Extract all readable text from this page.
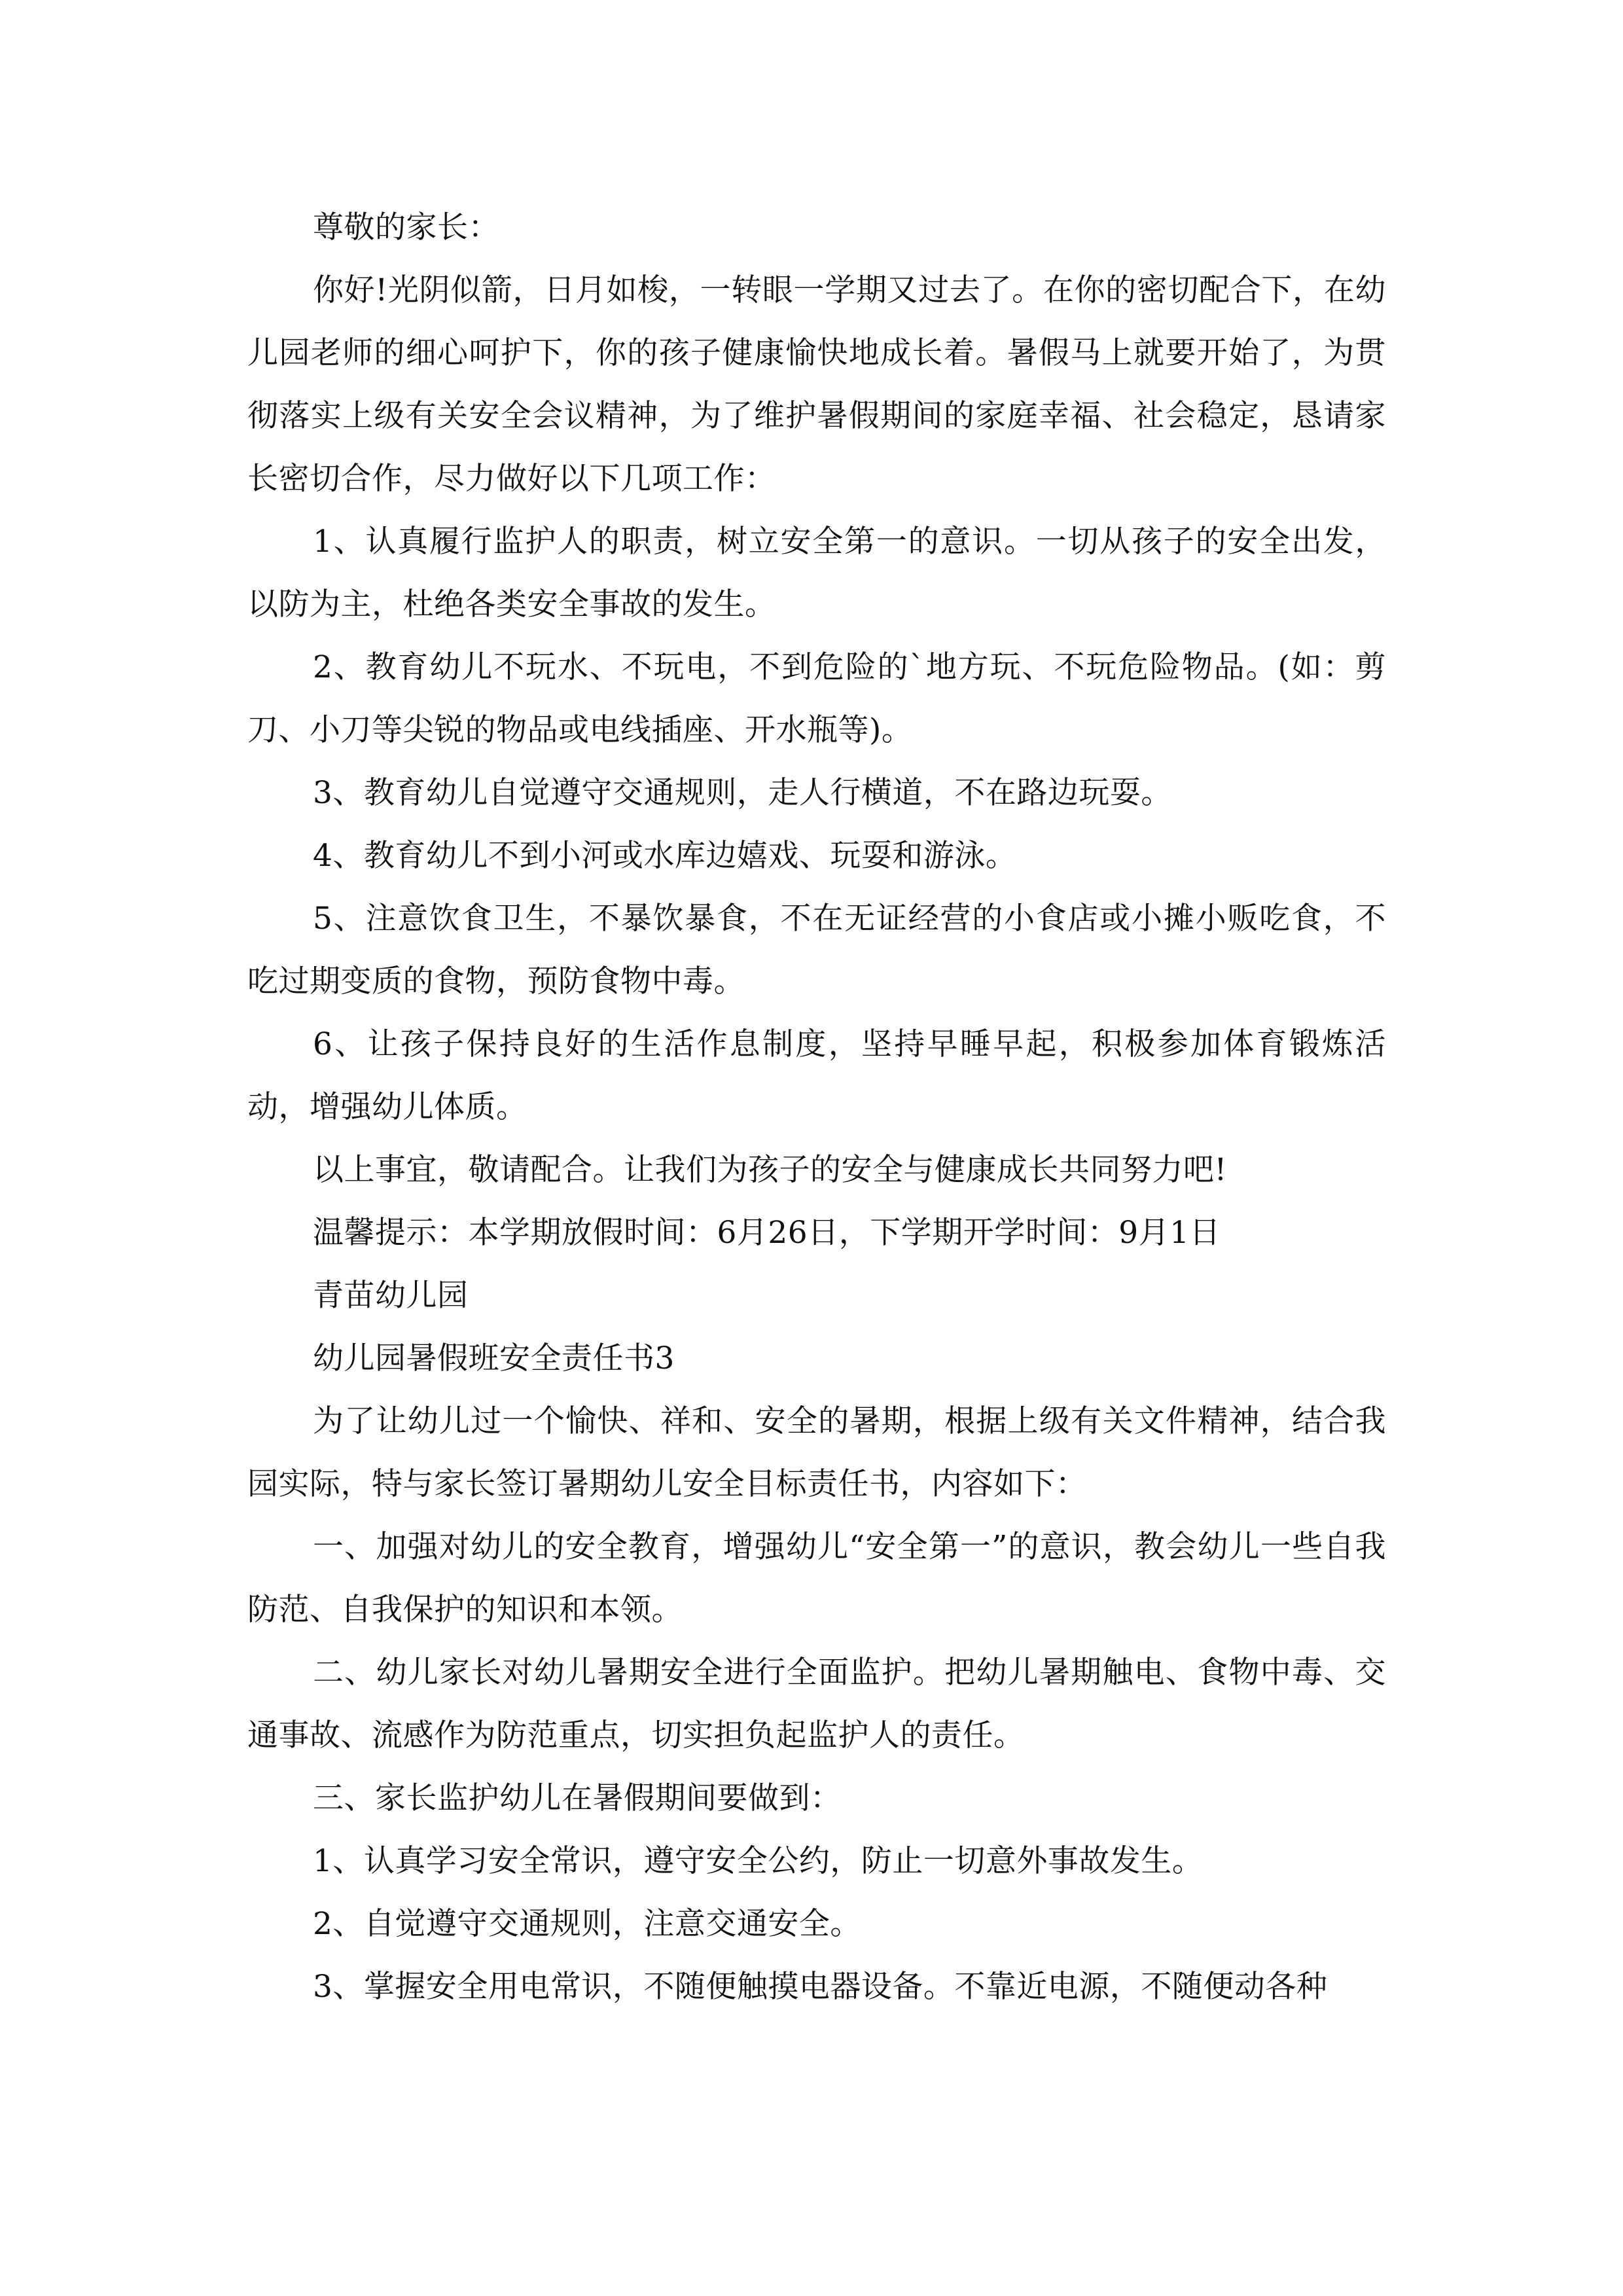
尊敬的家长：

你好!光阴似箭，日月如梭，一转眼一学期又过去了。在你的密切配合下，在幼儿园老师的细心呵护下，你的孩子健康愉快地成长着。暑假马上就要开始了，为贯彻落实上级有关安全会议精神，为了维护暑假期间的家庭幸福、社会稳定，恳请家长密切合作，尽力做好以下几项工作：

1、认真履行监护人的职责，树立安全第一的意识。一切从孩子的安全出发，以防为主，杜绝各类安全事故的发生。

2、教育幼儿不玩水、不玩电，不到危险的`地方玩、不玩危险物品。(如：剪刀、小刀等尖锐的物品或电线插座、开水瓶等)。

3、教育幼儿自觉遵守交通规则，走人行横道，不在路边玩耍。

4、教育幼儿不到小河或水库边嬉戏、玩耍和游泳。

5、注意饮食卫生，不暴饮暴食，不在无证经营的小食店或小摊小贩吃食，不吃过期变质的食物，预防食物中毒。

6、让孩子保持良好的生活作息制度，坚持早睡早起，积极参加体育锻炼活动，增强幼儿体质。

以上事宜，敬请配合。让我们为孩子的安全与健康成长共同努力吧!

温馨提示：本学期放假时间：6月26日，下学期开学时间：9月1日

青苗幼儿园

幼儿园暑假班安全责任书3

为了让幼儿过一个愉快、祥和、安全的暑期，根据上级有关文件精神，结合我园实际，特与家长签订暑期幼儿安全目标责任书，内容如下：

一、加强对幼儿的安全教育，增强幼儿“安全第一”的意识，教会幼儿一些自我防范、自我保护的知识和本领。

二、幼儿家长对幼儿暑期安全进行全面监护。把幼儿暑期触电、食物中毒、交通事故、流感作为防范重点，切实担负起监护人的责任。

三、家长监护幼儿在暑假期间要做到：

1、认真学习安全常识，遵守安全公约，防止一切意外事故发生。

2、自觉遵守交通规则，注意交通安全。

3、掌握安全用电常识，不随便触摸电器设备。不靠近电源，不随便动各种
